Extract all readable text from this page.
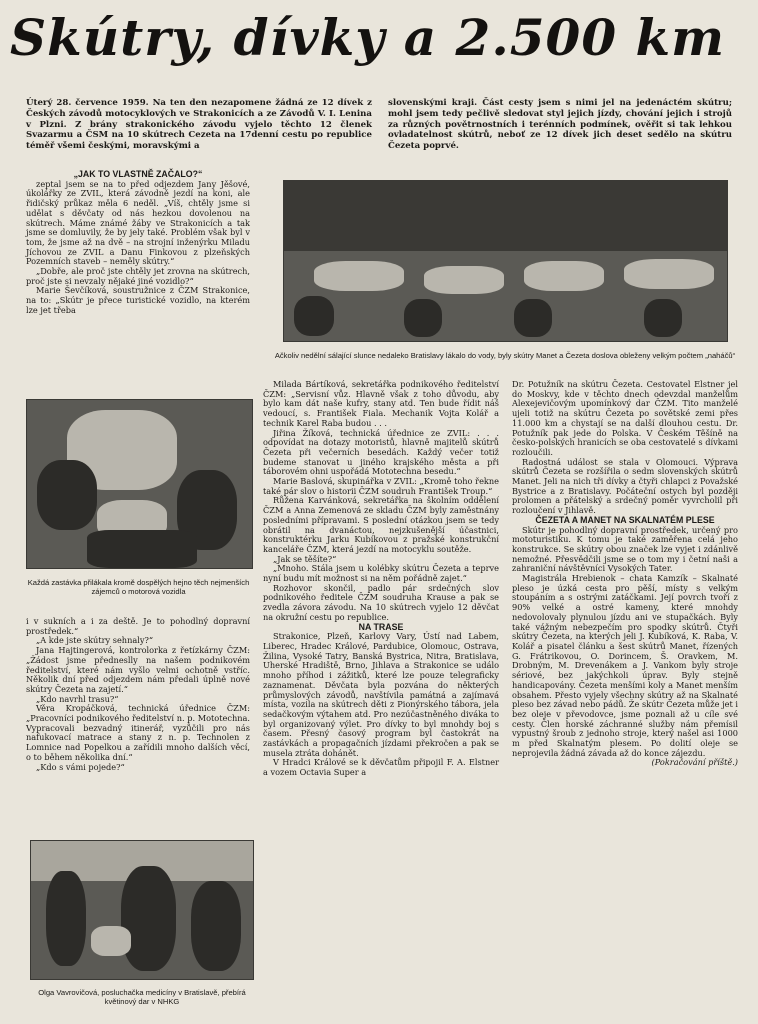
Skútry, dívky a 2.500 km
Úterý 28. července 1959. Na ten den nezapomene žádná ze 12 dívek z Českých závodů motocyklových ve Strakonicích a ze Závodů V. I. Lenina v Plzni. Z brány strakonického závodu vyjelo těchto 12 členek Svazarmu a ČSM na 10 skútrech Cezeta na 17denní cestu po republice téměř všemi českými, moravskými a
slovenskými kraji. Část cesty jsem s nimi jel na jedenáctém skútru; mohl jsem tedy pečlivě sledovat styl jejich jízdy, chování jejich i strojů za různých povětrnostních i terénních podmínek, ověřit si tak lehkou ovladatelnost skútrů, neboť ze 12 dívek jich deset sedělo na skútru Čezeta poprvé.
Ačkoliv nedělní sálající slunce nedaleko Bratislavy lákalo do vody, byly skútry Manet a Čezeta doslova obleženy velkým počtem „naháčů“
Každá zastávka přilákala kromě dospělých hejno těch nejmenších zájemců o motorová vozidla
Olga Vavrovičová, posluchačka medicíny v Bratislavě, přebírá květinový dar v NHKG

„JAK TO VLASTNĚ ZAČALO?“

zeptal jsem se na to před odjezdem Jany Jěšové, úkolářky ze ZVIL, která závodně jezdí na koni, ale řidičský průkaz měla 6 neděl. „Víš, chtěly jsme si udělat s děvčaty od nás hezkou dovolenou na skútrech. Máme známé žáby ve Strakonicích a tak jsme se domluvily, že by jely také. Problém však byl v tom, že jsme až na dvě – na strojní inženýrku Miladu Jíchovou ze ZVIL a Danu Finkovou z plzeňských Pozemních staveb – neměly skútry.“

„Dobře, ale proč jste chtěly jet zrovna na skútrech, proč jste si nevzaly nějaké jiné vozidlo?“

Marie Ševčíková, soustružnice z ČZM Strakonice, na to: „Skútr je přece turistické vozidlo, na kterém lze jet třeba

i v sukních a i za deště. Je to pohodlný dopravní prostředek.“

„A kde jste skútry sehnaly?“

Jana Hajtingerová, kontrolorka z řetízkárny ČZM: „Žádost jsme předneslly na našem podnikovém ředitelství, které nám vyšlo velmi ochotně vstříc. Několik dní před odjezdem nám předali úplně nové skútry Čezeta na zajetí.“

„Kdo navrhl trasu?“

Věra Kropáčková, technická úřednice ČZM: „Pracovníci podnikového ředitelství n. p. Mototechna. Vypracovali bezvadný itinerář, vyzůčili pro nás nafukovací matrace a stany z n. p. Technolen z Lomnice nad Popelkou a zařídili mnoho dalších věcí, o to během několika dní.“

„Kdo s vámi pojede?“

Milada Bártíková, sekretářka podnikového ředitelství ČZM: „Servisní vůz. Hlavně však z toho důvodu, aby bylo kam dát naše kufry, stany atd. Ten bude řídit náš vedoucí, s. František Fiala. Mechanik Vojta Kolář a technik Karel Raba budou . . .

Jiřina Žíková, technická úřednice ze ZVIL: . . . odpovídat na dotazy motoristů, hlavně majitelů skútrů Čezeta při večerních besedách. Každý večer totiž budeme stanovat u jiného krajského města a při táborovém ohni uspořádá Mototechna besedu.“

Marie Baslová, skupinářka v ZVIL: „Kromě toho řekne také pár slov o historii ČZM soudruh František Troup.“

Růžena Karvánková, sekretářka na školním oddělení ČZM a Anna Zemenová ze skladu ČZM byly zaměstnány posledními přípravami. S poslední otázkou jsem se tedy obrátil na dvanáctou, nejzkušenější účastnici, konstruktérku Jarku Kubíkovou z pražské konstrukční kanceláře ČZM, která jezdí na motocyklu soutěže.

„Jak se těšíte?“

„Mnoho. Stála jsem u kolébky skútru Čezeta a teprve nyní budu mít možnost si na něm pořádně zajet.“

Rozhovor skončil, padlo pár srdečných slov podnikového ředitele ČZM soudruha Krause a pak se zvedla závora závodu. Na 10 skútrech vyjelo 12 děvčat na okružní cestu po republice.

NA TRASE

Strakonice, Plzeň, Karlovy Vary, Ústí nad Labem, Liberec, Hradec Králové, Pardubice, Olomouc, Ostrava, Žilina, Vysoké Tatry, Banská Bystrica, Nitra, Bratislava, Uherské Hradiště, Brno, Jihlava a Strakonice se událo mnoho příhod i zážitků, které lze pouze telegraficky zaznamenat. Děvčata byla pozvána do některých průmyslových závodů, navštívila památná a zajímavá místa, vozila na skútrech děti z Pionýrského tábora, jela sedačkovým výtahem atd. Pro nezúčastněného diváka to byl organizovaný výlet. Pro dívky to byl mnohdy boj s časem. Přesný časový program byl častokrát na zastávkách a propagačních jízdami překročen a pak se musela ztráta dohánět.

V Hradci Králové se k děvčatům připojil F. A. Elstner a vozem Octavia Super a

Dr. Potužník na skútru Čezeta. Cestovatel Elstner jel do Moskvy, kde v těchto dnech odevzdal manželům Alexejevičovým upomínkový dar ČZM. Tito manželé ujeli totiž na skútru Čezeta po sovětské zemi přes 11.000 km a chystají se na další dlouhou cestu. Dr. Potužník pak jede do Polska. V Českém Těšíně na česko-polských hranicích se oba cestovatelé s dívkami rozloučili.

Radostná událost se stala v Olomouci. Výprava skútrů Čezeta se rozšířila o sedm slovenských skútrů Manet. Jeli na nich tři dívky a čtyři chlapci z Považské Bystrice a z Bratislavy. Počáteční ostych byl později prolomen a přátelský a srdečný poměr vyvrcholil při rozloučení v Jihlavě.

ČEZETA A MANET NA SKALNATÉM PLESE

Skútr je pohodlný dopravní prostředek, určený pro mototuristiku. K tomu je také zaměřena celá jeho konstrukce. Se skútry obou značek lze vyjet i zdánlivě nemožné. Přesvědčili jsme se o tom my i četní naši a zahraniční návštěvníci Vysokých Tater.

Magistrála Hrebienok – chata Kamzík – Skalnaté pleso je úzká cesta pro pěší, místy s velkým stoupáním a s ostrými zatáčkami. Její povrch tvoří z 90% velké a ostré kameny, které mnohdy nedovolovaly plynulou jízdu ani ve stupačkách. Byly také vážným nebezpečím pro spodky skútrů. Čtyři skútry Čezeta, na kterých jeli J. Kubíková, K. Raba, V. Kolář a pisatel článku a šest skútrů Manet, řízených G. Frátrikovou, O. Dorincem, Š. Oravkem, M. Drobným, M. Drevenákem a J. Vankom byly stroje sériové, bez jakýchkoli úprav. Byly stejně handicapovány. Čezeta menšími koly a Manet menším obsahem. Přesto vyjely všechny skútry až na Skalnaté pleso bez závad nebo pádů. Že skútr Čezeta může jet i bez oleje v převodovce, jsme poznali až u cíle své cesty. Člen horské záchranné služby nám přemísil vypustný šroub z jednoho stroje, který našel asi 1000 m před Skalnatým plesem. Po dolití oleje se neprojevila žádná závada až do konce zájezdu.

(Pokračování příště.)
